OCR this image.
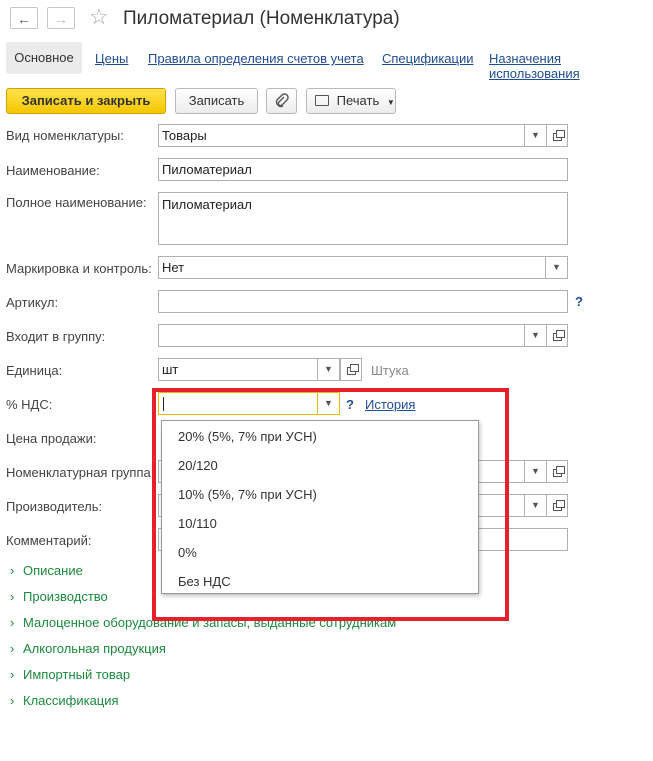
←	→ ☆ Пиломатериал (Номенклатура)
Основное	Цены Правила определения счетов учета Спецификации Назначения использования
Записать и закрыть	Записать	Печать ▼
Вид номенклатуры:	Товары	▼
Наименование:	Пиломатериал
Полное наименование:	Пиломатериал
Маркировка и контроль: Нет	▼
Артикул:	?
Входит в группу:	▼
Единица:	шт	▼	Штука
% НДС:	▼	? История
Цена продажи:
Номенклатурная группа:	▼
Производитель:	▼
Комментарий:
› Описание
› Производство
› Малоценное оборудование и запасы, выданные сотрудникам
› Алкогольная продукция
› Импортный товар
› Классификация
20% (5%, 7% при УСН)
20/120
10% (5%, 7% при УСН)
10/110
0%
Без НДС
